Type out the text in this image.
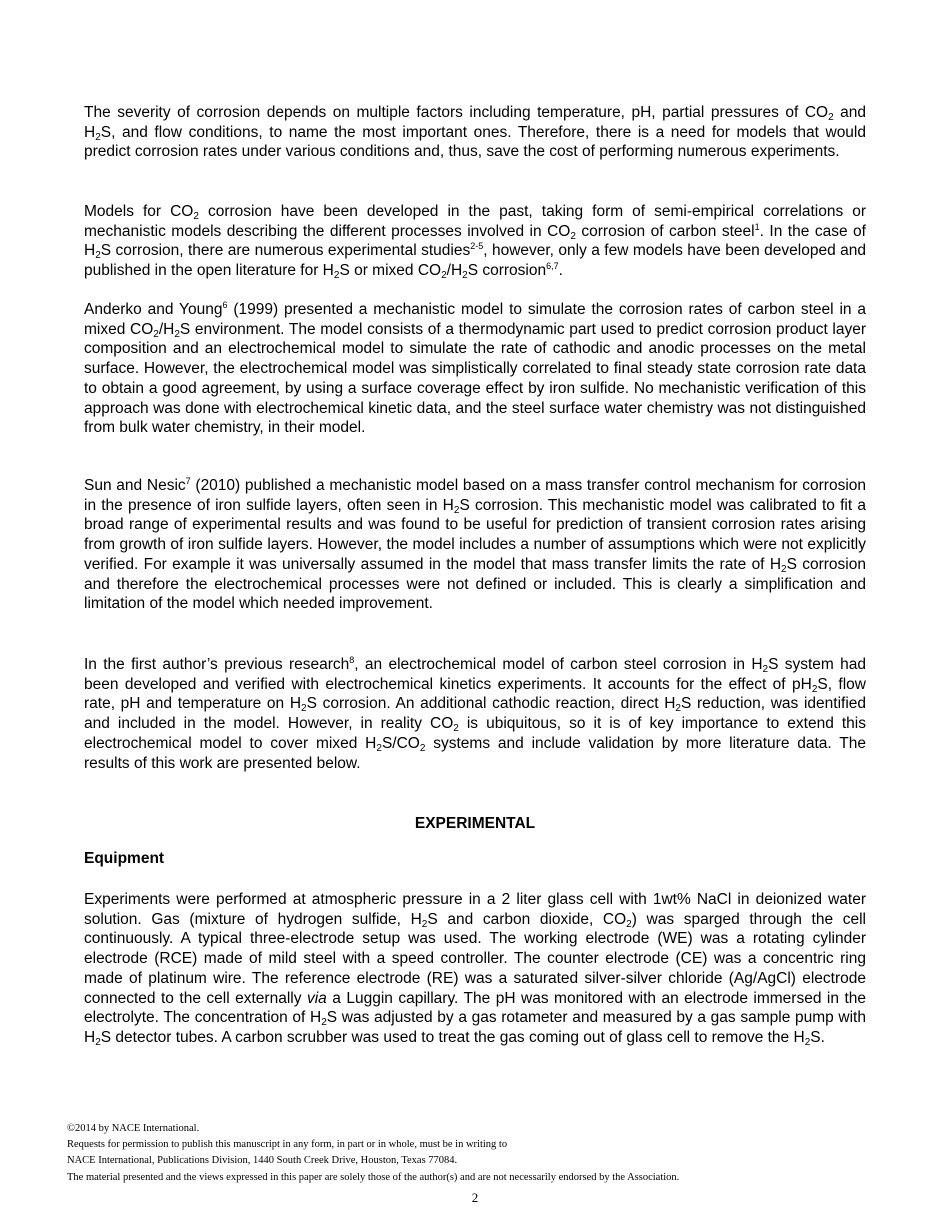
The severity of corrosion depends on multiple factors including temperature, pH, partial pressures of $CO_2$ and $H_2S$, and flow conditions, to name the most important ones. Therefore, there is a need for models that would predict corrosion rates under various conditions and, thus, save the cost of performing numerous experiments.

Models for $CO_2$ corrosion have been developed in the past, taking form of semi-empirical correlations or mechanistic models describing the different processes involved in $CO_2$ corrosion of carbon steel$^1$. In the case of $H_2S$ corrosion, there are numerous experimental studies$^{2-5}$, however, only a few models have been developed and published in the open literature for $H_2S$ or mixed $CO_2/H_2S$ corrosion$^{6,7}$.

Anderko and Young$^6$ (1999) presented a mechanistic model to simulate the corrosion rates of carbon steel in a mixed $CO_2/H_2S$ environment. The model consists of a thermodynamic part used to predict corrosion product layer composition and an electrochemical model to simulate the rate of cathodic and anodic processes on the metal surface. However, the electrochemical model was simplistically correlated to final steady state corrosion rate data to obtain a good agreement, by using a surface coverage effect by iron sulfide. No mechanistic verification of this approach was done with electrochemical kinetic data, and the steel surface water chemistry was not distinguished from bulk water chemistry, in their model.

Sun and Nesic$^7$ (2010) published a mechanistic model based on a mass transfer control mechanism for corrosion in the presence of iron sulfide layers, often seen in $H_2S$ corrosion. This mechanistic model was calibrated to fit a broad range of experimental results and was found to be useful for prediction of transient corrosion rates arising from growth of iron sulfide layers. However, the model includes a number of assumptions which were not explicitly verified. For example it was universally assumed in the model that mass transfer limits the rate of $H_2S$ corrosion and therefore the electrochemical processes were not defined or included. This is clearly a simplification and limitation of the model which needed improvement.

In the first author’s previous research$^8$, an electrochemical model of carbon steel corrosion in $H_2S$ system had been developed and verified with electrochemical kinetics experiments. It accounts for the effect of $pH_2S$, flow rate, pH and temperature on $H_2S$ corrosion. An additional cathodic reaction, direct $H_2S$ reduction, was identified and included in the model. However, in reality $CO_2$ is ubiquitous, so it is of key importance to extend this electrochemical model to cover mixed $H_2S/CO_2$ systems and include validation by more literature data. The results of this work are presented below.

EXPERIMENTAL
Equipment

Experiments were performed at atmospheric pressure in a 2 liter glass cell with 1wt% NaCl in deionized water solution. Gas (mixture of hydrogen sulfide, $H_2S$ and carbon dioxide, $CO_2$) was sparged through the cell continuously. A typical three-electrode setup was used. The working electrode (WE) was a rotating cylinder electrode (RCE) made of mild steel with a speed controller. The counter electrode (CE) was a concentric ring made of platinum wire. The reference electrode (RE) was a saturated silver-silver chloride (Ag/AgCl) electrode connected to the cell externally via a Luggin capillary. The pH was monitored with an electrode immersed in the electrolyte. The concentration of $H_2S$ was adjusted by a gas rotameter and measured by a gas sample pump with $H_2S$ detector tubes. A carbon scrubber was used to treat the gas coming out of glass cell to remove the $H_2S$.

©2014 by NACE International.
Requests for permission to publish this manuscript in any form, in part or in whole, must be in writing to
NACE International, Publications Division, 1440 South Creek Drive, Houston, Texas 77084.
The material presented and the views expressed in this paper are solely those of the author(s) and are not necessarily endorsed by the Association.
2
